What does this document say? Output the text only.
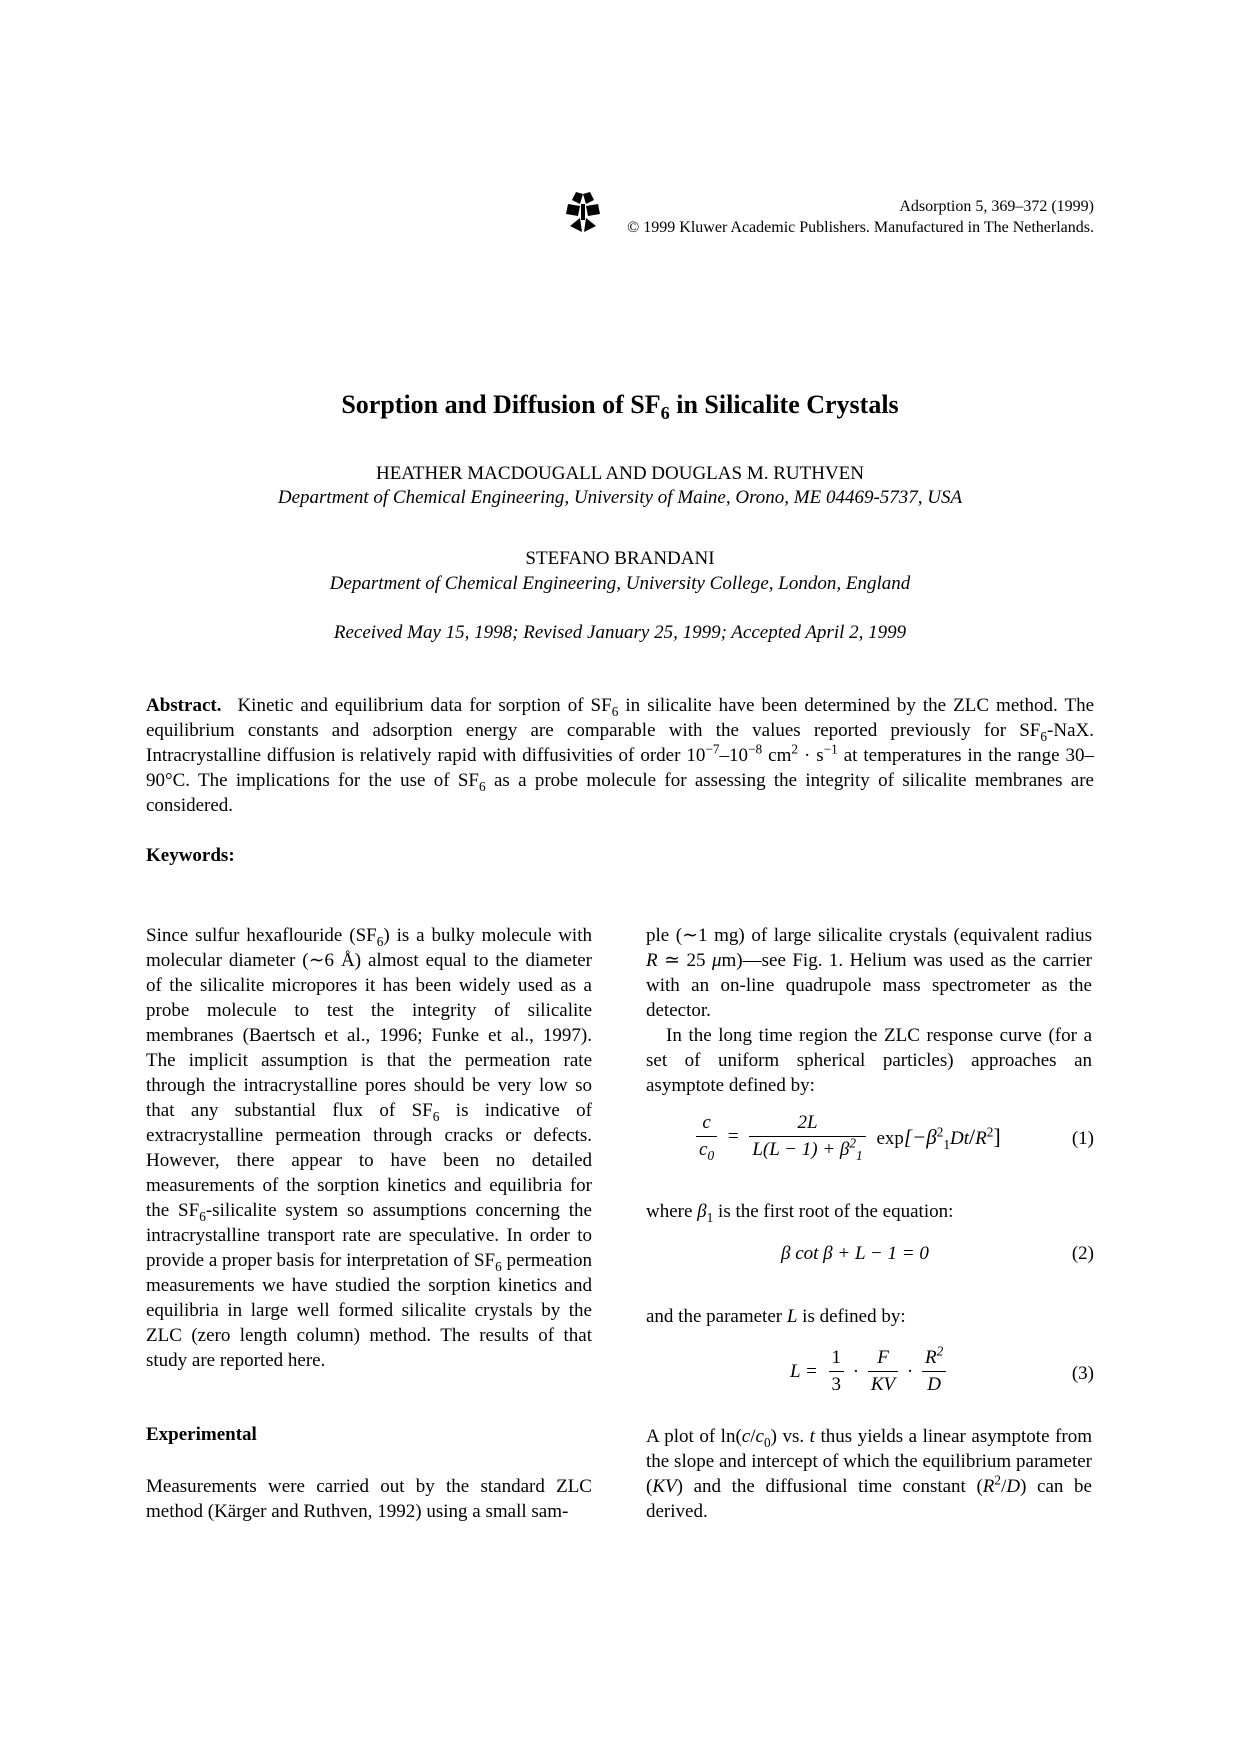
Adsorption 5, 369–372 (1999)
© 1999 Kluwer Academic Publishers. Manufactured in The Netherlands.
Sorption and Diffusion of $SF_6$ in Silicalite Crystals
HEATHER MACDOUGALL AND DOUGLAS M. RUTHVEN
Department of Chemical Engineering, University of Maine, Orono, ME 04469-5737, USA
STEFANO BRANDANI
Department of Chemical Engineering, University College, London, England
Received May 15, 1998; Revised January 25, 1999; Accepted April 2, 1999
Abstract. Kinetic and equilibrium data for sorption of $SF_6$ in silicalite have been determined by the ZLC method. The equilibrium constants and adsorption energy are comparable with the values reported previously for $SF_6$-NaX. Intracrystalline diffusion is relatively rapid with diffusivities of order $10^{-7}-10^{-8}$ $cm^2 \cdot s^{-1}$ at temperatures in the range 30–90°C. The implications for the use of $SF_6$ as a probe molecule for assessing the integrity of silicalite membranes are considered.
Keywords:

Since sulfur hexaflouride $(SF_6)$ is a bulky molecule with molecular diameter (∼6 Å) almost equal to the diameter of the silicalite micropores it has been widely used as a probe molecule to test the integrity of silicalite membranes (Baertsch et al., 1996; Funke et al., 1997). The implicit assumption is that the permeation rate through the intracrystalline pores should be very low so that any substantial flux of $SF_6$ is indicative of extracrystalline permeation through cracks or defects. However, there appear to have been no detailed measurements of the sorption kinetics and equilibria for the $SF_6$-silicalite system so assumptions concerning the intracrystalline transport rate are speculative. In order to provide a proper basis for interpretation of $SF_6$ permeation measurements we have studied the sorption kinetics and equilibria in large well formed silicalite crystals by the ZLC (zero length column) method. The results of that study are reported here.

Experimental

Measurements were carried out by the standard ZLC method (Kärger and Ruthven, 1992) using a small sam-

ple (∼1 mg) of large silicalite crystals (equivalent radius R ≃ 25 μm)—see Fig. 1. Helium was used as the carrier with an on-line quadrupole mass spectrometer as the detector.

In the long time region the ZLC response curve (for a set of uniform spherical particles) approaches an asymptote defined by:

$\frac{c}{c_0} = \frac{2L}{L(L - 1) + \beta^2_1} \exp[-\beta^2_1Dt/R^2]$	(1)

where $\beta_1$ is the first root of the equation:

β cot β + L − 1 = 0	(2)

and the parameter L is defined by:

$L = \frac{1}{3} \cdot \frac{F}{KV} \cdot \frac{R^2}{D}$	(3)

A plot of $\ln(c/c_0)$ vs. t thus yields a linear asymptote from the slope and intercept of which the equilibrium parameter (KV) and the diffusional time constant $(R^2/D)$ can be derived.
